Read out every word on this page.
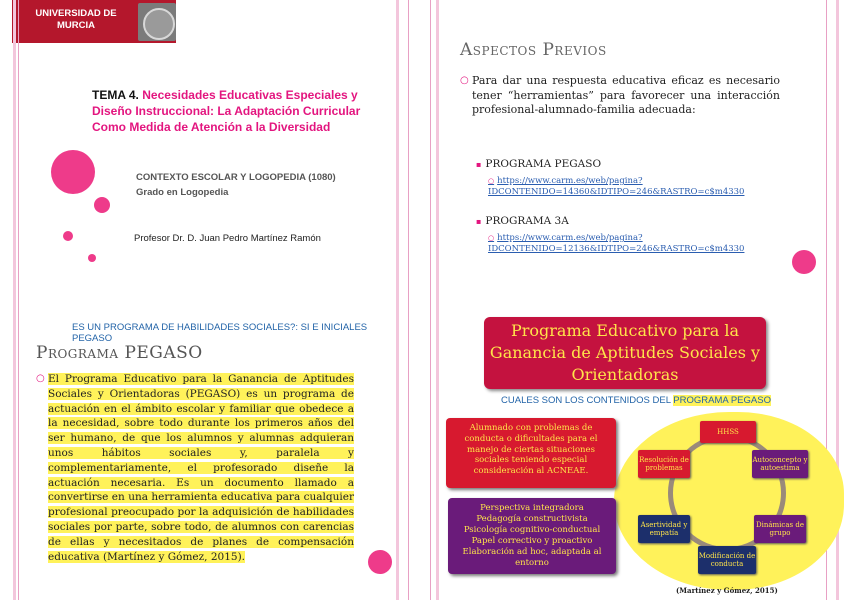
UNIVERSIDAD DE
MURCIA
TEMA 4. Necesidades Educativas Especiales y Diseño Instruccional: La Adaptación Curricular Como Medida de Atención a la Diversidad
CONTEXTO ESCOLAR Y LOGOPEDIA (1080)
Grado en Logopedia
Profesor Dr. D. Juan Pedro Martínez Ramón
Aspectos Previos
○ Para dar una respuesta educativa eficaz es necesario tener “herramientas” para favorecer una interacción profesional-alumnado-familia adecuada:
▪ PROGRAMA PEGASO
○ https://www.carm.es/web/pagina?IDCONTENIDO=14360&IDTIPO=246&RASTRO=c$m4330
▪ PROGRAMA 3A
○ https://www.carm.es/web/pagina?IDCONTENIDO=12136&IDTIPO=246&RASTRO=c$m4330
ES UN PROGRAMA DE HABILIDADES SOCIALES?: SI E INICIALES PEGASO
Programa PEGASO
○ El Programa Educativo para la Ganancia de Aptitudes Sociales y Orientadoras (PEGASO) es un programa de actuación en el ámbito escolar y familiar que obedece a la necesidad, sobre todo durante los primeros años del ser humano, de que los alumnos y alumnas adquieran unos hábitos sociales y, paralela y complementariamente, el profesorado diseñe la actuación necesaria. Es un documento llamado a convertirse en una herramienta educativa para cualquier profesional preocupado por la adquisición de habilidades sociales por parte, sobre todo, de alumnos con carencias de ellas y necesitados de planes de compensación educativa (Martínez y Gómez, 2015).
Programa Educativo para la Ganancia de Aptitudes Sociales y Orientadoras
CUALES SON LOS CONTENIDOS DEL PROGRAMA PEGASO
Alumnado con problemas de conducta o dificultades para el manejo de ciertas situaciones sociales teniendo especial consideración al ACNEAE.
Perspectiva integradora
Pedagogía constructivista
Psicología cognitivo-conductual
Papel correctivo y proactivo
Elaboración ad hoc, adaptada al entorno
HHSS
Resolución de problemas
Autoconcepto y autoestima
Dinámicas de grupo
Modificación de conducta
Asertividad y empatía
(Martínez y Gómez, 2015)
